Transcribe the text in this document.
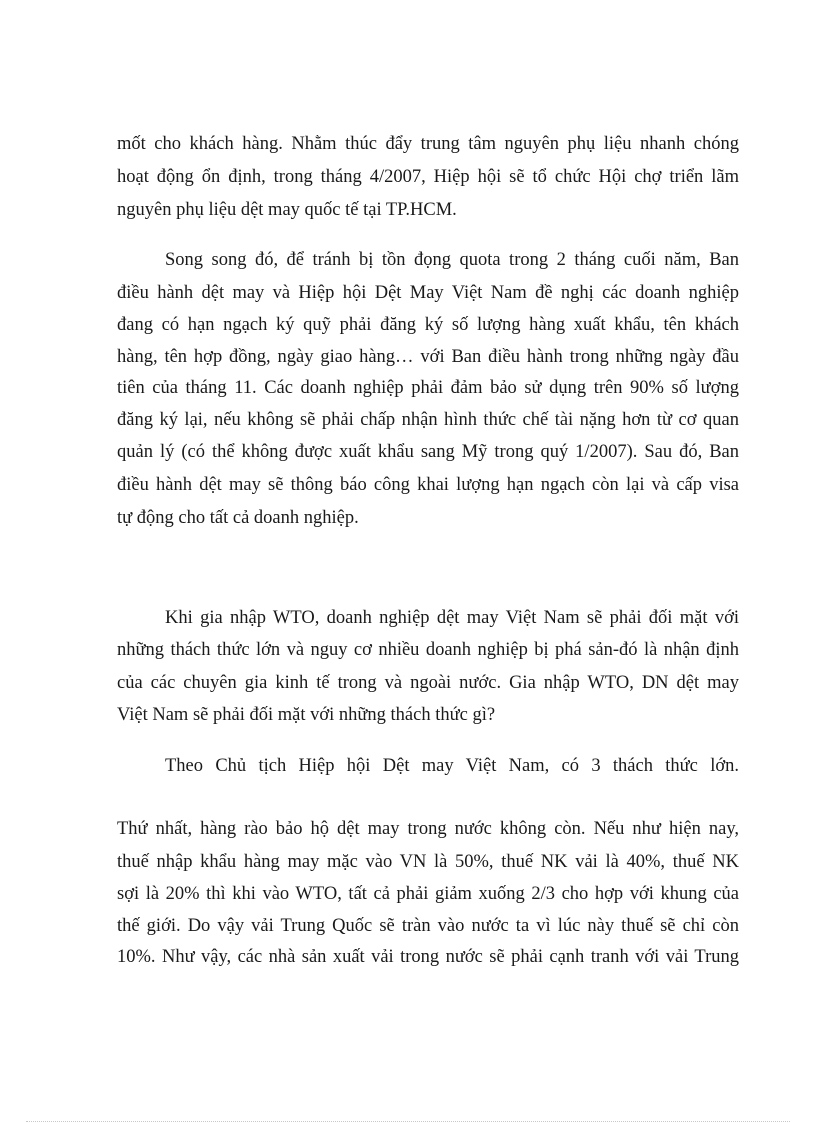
mốt cho khách hàng. Nhằm thúc đẩy trung tâm nguyên phụ liệu nhanh chóng
hoạt động ổn định, trong tháng 4/2007, Hiệp hội sẽ tổ chức Hội chợ triển lãm
nguyên phụ liệu dệt may quốc tế tại TP.HCM.
Song song đó, để tránh bị tồn đọng quota trong 2 tháng cuối năm, Ban
điều hành dệt may và Hiệp hội Dệt May Việt Nam đề nghị các doanh nghiệp
đang có hạn ngạch ký quỹ phải đăng ký số lượng hàng xuất khẩu, tên khách
hàng, tên hợp đồng, ngày giao hàng… với Ban điều hành trong những ngày đầu
tiên của tháng 11. Các doanh nghiệp phải đảm bảo sử dụng trên 90% số lượng
đăng ký lại, nếu không sẽ phải chấp nhận hình thức chế tài nặng hơn từ cơ quan
quản lý (có thể không được xuất khẩu sang Mỹ trong quý 1/2007). Sau đó, Ban
điều hành dệt may sẽ thông báo công khai lượng hạn ngạch còn lại và cấp visa
tự động cho tất cả doanh nghiệp.
Khi gia nhập WTO, doanh nghiệp dệt may Việt Nam sẽ phải đối mặt với
những thách thức lớn và nguy cơ nhiều doanh nghiệp bị phá sản-đó là nhận định
của các chuyên gia kinh tế trong và ngoài nước. Gia nhập WTO, DN dệt may
Việt Nam sẽ phải đối mặt với những thách thức gì?
Theo Chủ tịch Hiệp hội Dệt may Việt Nam, có 3 thách thức lớn.
Thứ nhất, hàng rào bảo hộ dệt may trong nước không còn. Nếu như hiện nay,
thuế nhập khẩu hàng may mặc vào VN là 50%, thuế NK vải là 40%, thuế NK
sợi là 20% thì khi vào WTO, tất cả phải giảm xuống 2/3 cho hợp với khung của
thế giới. Do vậy vải Trung Quốc sẽ tràn vào nước ta vì lúc này thuế sẽ chỉ còn
10%. Như vậy, các nhà sản xuất vải trong nước sẽ phải cạnh tranh với vải Trung
